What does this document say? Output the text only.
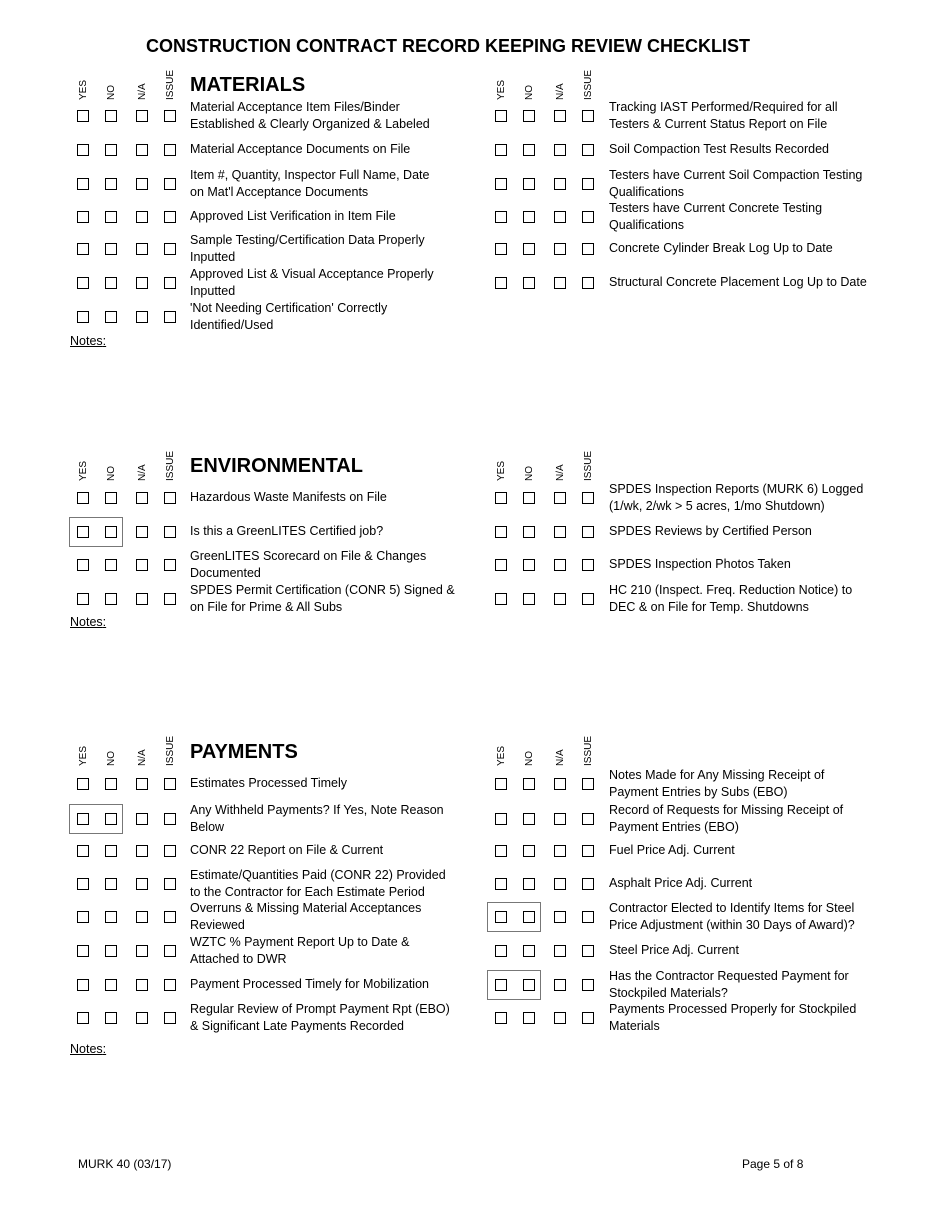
CONSTRUCTION CONTRACT RECORD KEEPING REVIEW CHECKLIST
YES NO N/A ISSUE	YES NO N/A ISSUE
MATERIALS
Material Acceptance Item Files/Binder
Established & Clearly Organized & Labeled
Material Acceptance Documents on File
Item #, Quantity, Inspector Full Name, Date
on Mat'l Acceptance Documents
Approved List Verification in Item File
Sample Testing/Certification Data Properly
Inputted
Approved List & Visual Acceptance Properly
Inputted
'Not Needing Certification' Correctly
Identified/Used
Tracking IAST Performed/Required for all
Testers & Current Status Report on File
Soil Compaction Test Results Recorded
Testers have Current Soil Compaction Testing
Qualifications
Testers have Current Concrete Testing
Qualifications
Concrete Cylinder Break Log Up to Date
Structural Concrete Placement Log Up to Date
Notes:
YES NO N/A ISSUE	YES NO N/A ISSUE
ENVIRONMENTAL
Hazardous Waste Manifests on File
Is this a GreenLITES Certified job?
GreenLITES Scorecard on File & Changes
Documented
SPDES Permit Certification (CONR 5) Signed &
on File for Prime & All Subs
SPDES Inspection Reports (MURK 6) Logged
(1/wk, 2/wk > 5 acres, 1/mo Shutdown)
SPDES Reviews by Certified Person
SPDES Inspection Photos Taken
HC 210 (Inspect. Freq. Reduction Notice) to
DEC & on File for Temp. Shutdowns
Notes:
YES NO N/A ISSUE	YES NO N/A ISSUE
PAYMENTS
Estimates Processed Timely
Any Withheld Payments? If Yes, Note Reason
Below
CONR 22 Report on File & Current
Estimate/Quantities Paid (CONR 22) Provided
to the Contractor for Each Estimate Period
Overruns & Missing Material Acceptances
Reviewed
WZTC % Payment Report Up to Date &
Attached to DWR
Payment Processed Timely for Mobilization
Regular Review of Prompt Payment Rpt (EBO)
& Significant Late Payments Recorded
Notes Made for Any Missing Receipt of
Payment Entries by Subs (EBO)
Record of Requests for Missing Receipt of
Payment Entries (EBO)
Fuel Price Adj. Current
Asphalt Price Adj. Current
Contractor Elected to Identify Items for Steel
Price Adjustment (within 30 Days of Award)?
Steel Price Adj. Current
Has the Contractor Requested Payment for
Stockpiled Materials?
Payments Processed Properly for Stockpiled
Materials
Notes:
MURK 40 (03/17)	Page 5 of 8
